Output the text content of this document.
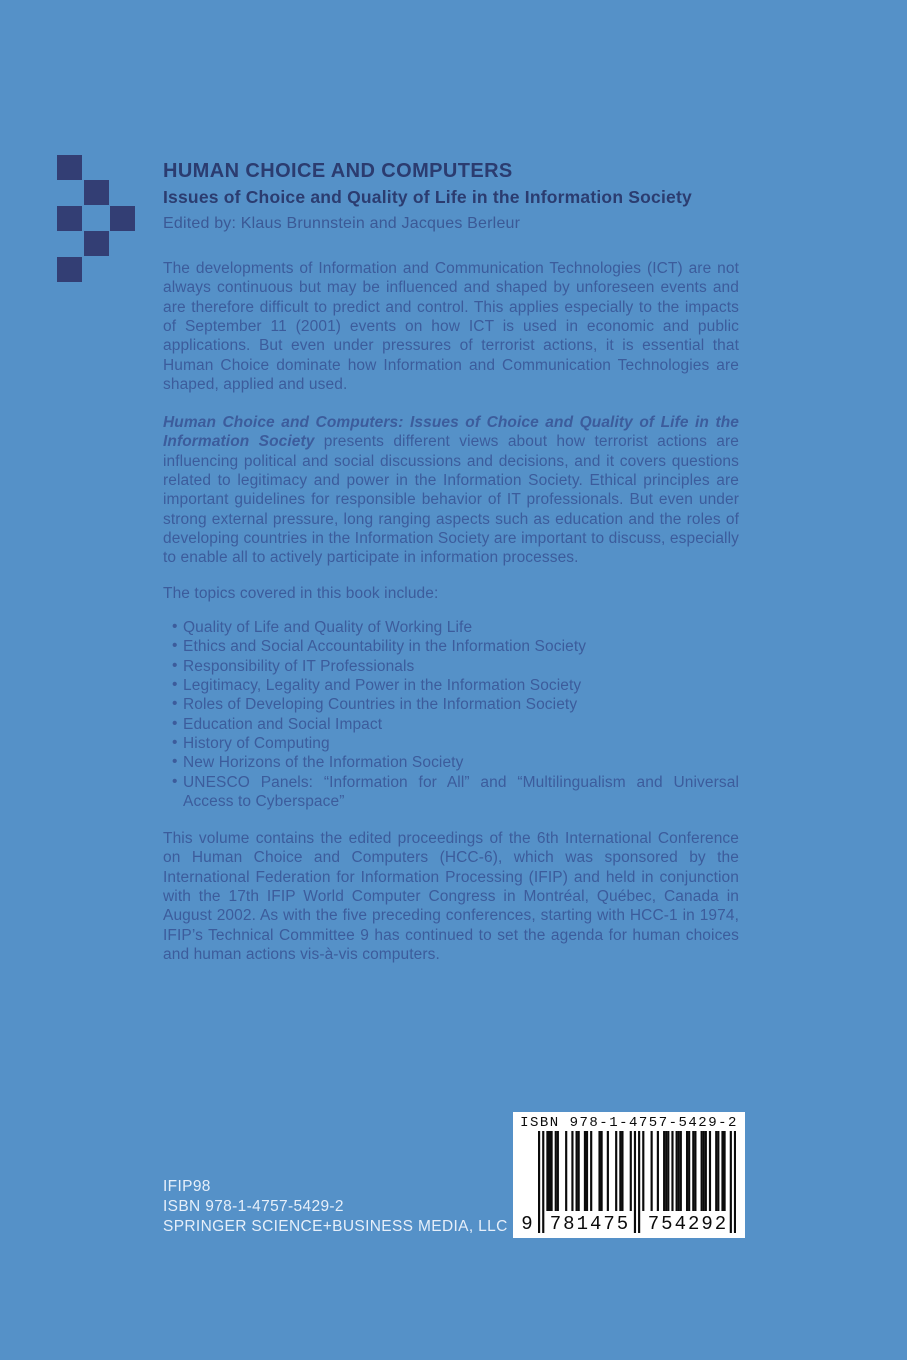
HUMAN CHOICE AND COMPUTERS
Issues of Choice and Quality of Life in the Information Society
Edited by: Klaus Brunnstein and Jacques Berleur

The developments of Information and Communication Technologies (ICT) are not always continuous but may be influenced and shaped by unforeseen events and are therefore difficult to predict and control. This applies especially to the impacts of September 11 (2001) events on how ICT is used in economic and public applications. But even under pressures of terrorist actions, it is essential that Human Choice dominate how Information and Communication Technologies are shaped, applied and used.

Human Choice and Computers: Issues of Choice and Quality of Life in the Information Society presents different views about how terrorist actions are influencing political and social discussions and decisions, and it covers questions related to legitimacy and power in the Information Society. Ethical principles are important guidelines for responsible behavior of IT professionals. But even under strong external pressure, long ranging aspects such as education and the roles of developing countries in the Information Society are important to discuss, especially to enable all to actively participate in information processes.

The topics covered in this book include:

• Quality of Life and Quality of Working Life
• Ethics and Social Accountability in the Information Society
• Responsibility of IT Professionals
• Legitimacy, Legality and Power in the Information Society
• Roles of Developing Countries in the Information Society
• Education and Social Impact
• History of Computing
• New Horizons of the Information Society
• UNESCO Panels: “Information for All” and “Multilingualism and Universal Access to Cyberspace”

This volume contains the edited proceedings of the 6th International Conference on Human Choice and Computers (HCC-6), which was sponsored by the International Federation for Information Processing (IFIP) and held in conjunction with the 17th IFIP World Computer Congress in Montréal, Québec, Canada in August 2002. As with the five preceding conferences, starting with HCC-1 in 1974, IFIP’s Technical Committee 9 has continued to set the agenda for human choices and human actions vis-à-vis computers.

IFIP98
ISBN 978-1-4757-5429-2
SPRINGER SCIENCE+BUSINESS MEDIA, LLC
ISBN 978-1-4757-5429-2
9 781475 754292
